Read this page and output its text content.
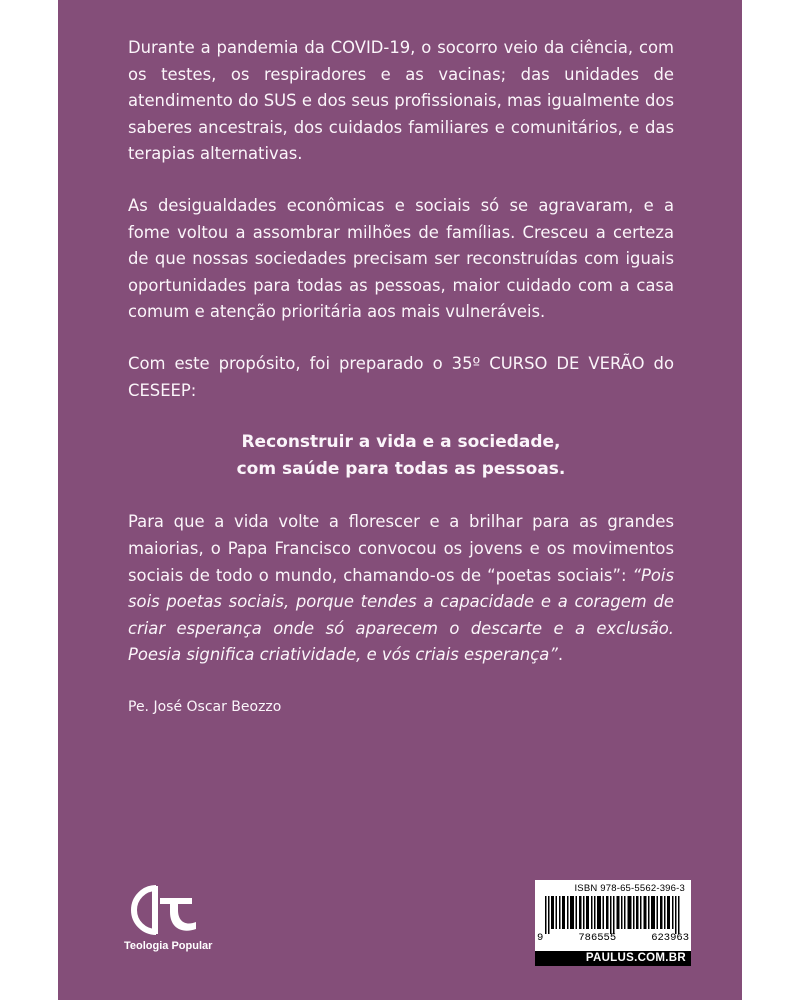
Durante a pandemia da COVID-19, o socorro veio da ciência, com os testes, os respiradores e as vacinas; das unidades de atendimento do SUS e dos seus profissionais, mas igualmente dos saberes ancestrais, dos cuidados familiares e comunitários, e das terapias alternativas.

As desigualdades econômicas e sociais só se agravaram, e a fome voltou a assombrar milhões de famílias. Cresceu a certeza de que nossas sociedades precisam ser reconstruídas com iguais oportunidades para todas as pessoas, maior cuidado com a casa comum e atenção prioritária aos mais vulneráveis.

Com este propósito, foi preparado o 35º CURSO DE VERÃO do CESEEP:

Reconstruir a vida e a sociedade,
com saúde para todas as pessoas.

Para que a vida volte a florescer e a brilhar para as grandes maiorias, o Papa Francisco convocou os jovens e os movimentos sociais de todo o mundo, chamando-os de “poetas sociais”: “Pois sois poetas sociais, porque tendes a capacidade e a coragem de criar esperança onde só aparecem o descarte e a exclusão. Poesia significa criatividade, e vós criais esperança”.

Pe. José Oscar Beozzo

Teologia Popular
ISBN 978-65-5562-396-3
9	786555	623963
PAULUS.COM.BR
